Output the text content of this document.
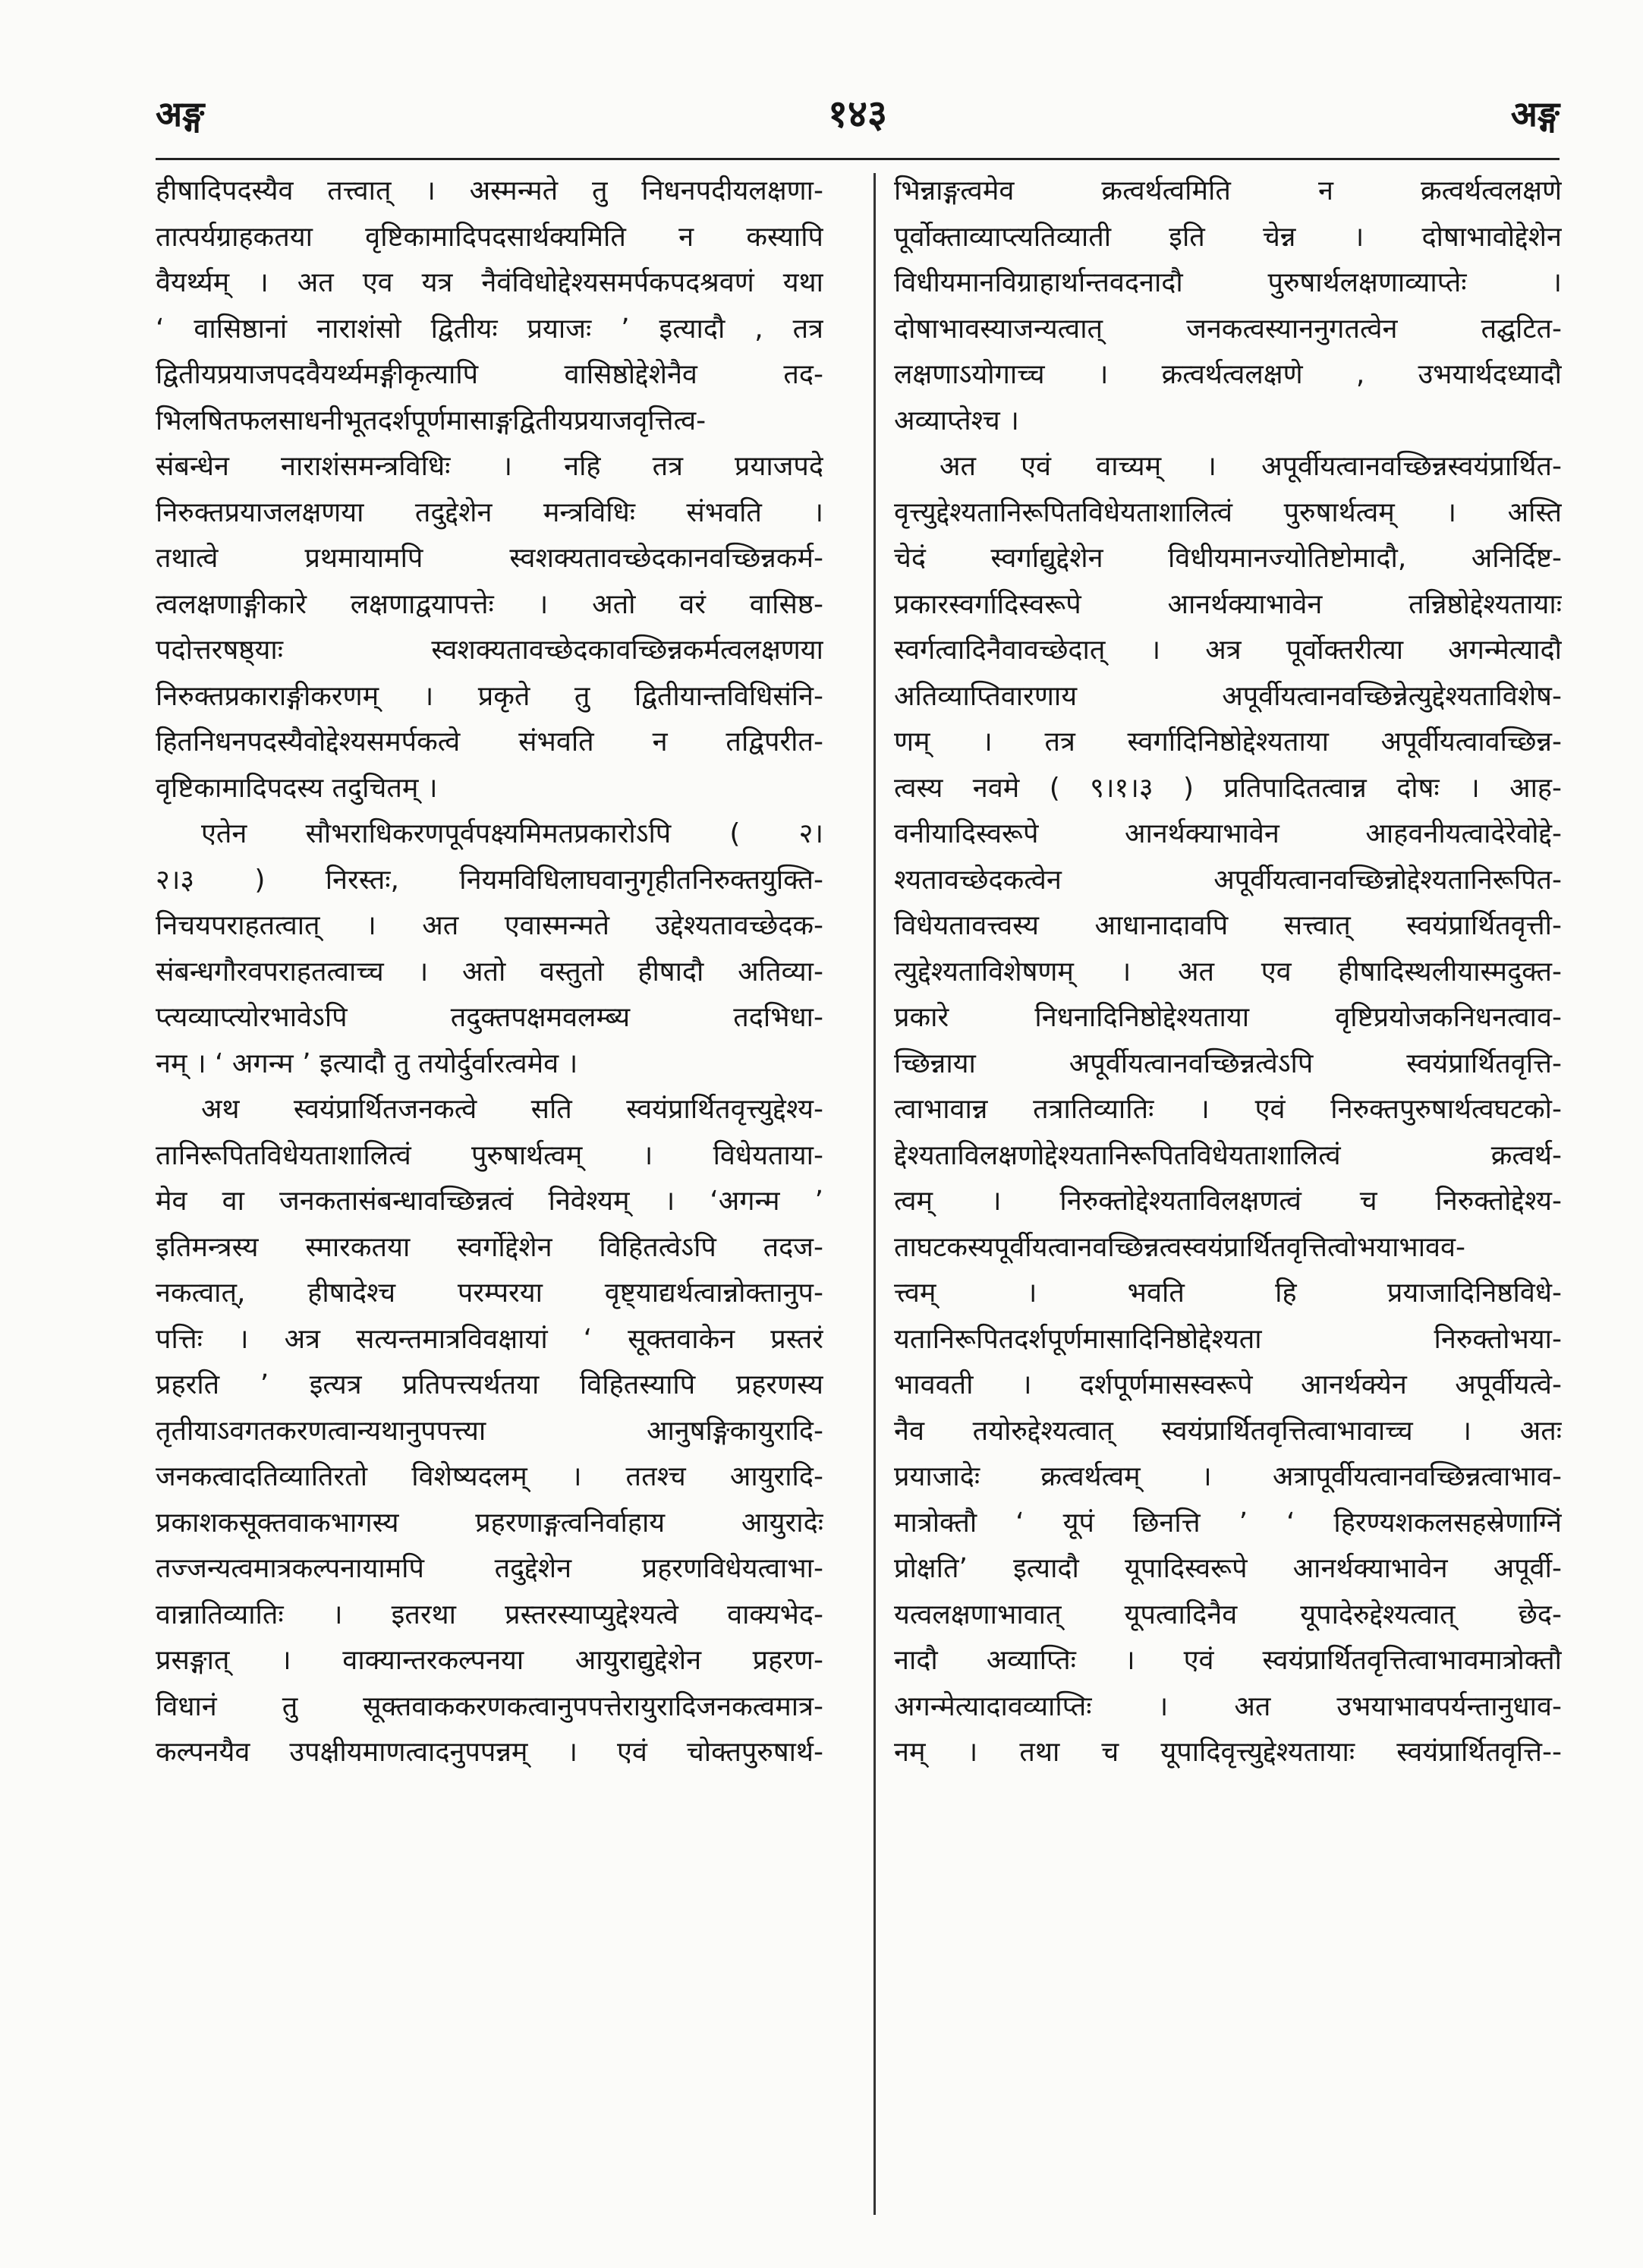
अङ्ग	१४३	अङ्ग
हीषादिपदस्यैव तत्त्वात् । अस्मन्मते तु निधनपदीयलक्षणा-
तात्पर्यग्राहकतया वृष्टिकामादिपदसार्थक्यमिति न कस्यापि
वैयर्थ्यम् । अत एव यत्र नैवंविधोद्देश्यसमर्पकपदश्रवणं यथा
‘ वासिष्ठानां नाराशंसो द्वितीयः प्रयाजः ’ इत्यादौ , तत्र
द्वितीयप्रयाजपदवैयर्थ्यमङ्गीकृत्यापि वासिष्ठोद्देशेनैव तद-
भिलषितफलसाधनीभूतदर्शपूर्णमासाङ्गद्वितीयप्रयाजवृत्तित्व-
संबन्धेन नाराशंसमन्त्रविधिः । नहि तत्र प्रयाजपदे
निरुक्तप्रयाजलक्षणया तदुद्देशेन मन्त्रविधिः संभवति ।
तथात्वे प्रथमायामपि स्वशक्यतावच्छेदकानवच्छिन्नकर्म-
त्वलक्षणाङ्गीकारे लक्षणाद्वयापत्तेः । अतो वरं वासिष्ठ-
पदोत्तरषष्ठ्याः स्वशक्यतावच्छेदकावच्छिन्नकर्मत्वलक्षणया
निरुक्तप्रकाराङ्गीकरणम् । प्रकृते तु द्वितीयान्तविधिसंनि-
हितनिधनपदस्यैवोद्देश्यसमर्पकत्वे संभवति न तद्विपरीत-
वृष्टिकामादिपदस्य तदुचितम् ।
एतेन सौभराधिकरणपूर्वपक्ष्यमिमतप्रकारोऽपि ( २।
२।३ ) निरस्तः, नियमविधिलाघवानुगृहीतनिरुक्तयुक्ति-
निचयपराहतत्वात् । अत एवास्मन्मते उद्देश्यतावच्छेदक-
संबन्धगौरवपराहतत्वाच्च । अतो वस्तुतो हीषादौ अतिव्या-
प्त्यव्याप्त्योरभावेऽपि तदुक्तपक्षमवलम्ब्य तदभिधा-
नम् । ‘ अगन्म ’ इत्यादौ तु तयोर्दुर्वारत्वमेव ।
अथ स्वयंप्रार्थितजनकत्वे सति स्वयंप्रार्थितवृत्त्युद्देश्य-
तानिरूपितविधेयताशालित्वं पुरुषार्थत्वम् । विधेयताया-
मेव वा जनकतासंबन्धावच्छिन्नत्वं निवेश्यम् । ‘अगन्म ’
इतिमन्त्रस्य स्मारकतया स्वर्गोद्देशेन विहितत्वेऽपि तदज-
नकत्वात्, हीषादेश्च परम्परया वृष्ट्याद्यर्थत्वान्नोक्तानुप-
पत्तिः । अत्र सत्यन्तमात्रविवक्षायां ‘ सूक्तवाकेन प्रस्तरं
प्रहरति ’ इत्यत्र प्रतिपत्त्यर्थतया विहितस्यापि प्रहरणस्य
तृतीयाऽवगतकरणत्वान्यथानुपपत्त्या आनुषङ्गिकायुरादि-
जनकत्वादतिव्यातिरतो विशेष्यदलम् । ततश्च आयुरादि-
प्रकाशकसूक्तवाकभागस्य प्रहरणाङ्गत्वनिर्वाहाय आयुरादेः
तज्जन्यत्वमात्रकल्पनायामपि तदुद्देशेन प्रहरणविधेयत्वाभा-
वान्नातिव्यातिः । इतरथा प्रस्तरस्याप्युद्देश्यत्वे वाक्यभेद-
प्रसङ्गात् । वाक्यान्तरकल्पनया आयुराद्युद्देशेन प्रहरण-
विधानं तु सूक्तवाककरणकत्वानुपपत्तेरायुरादिजनकत्वमात्र-
कल्पनयैव उपक्षीयमाणत्वादनुपपन्नम् । एवं चोक्तपुरुषार्थ-
भिन्नाङ्गत्वमेव क्रत्वर्थत्वमिति न क्रत्वर्थत्वलक्षणे
पूर्वोक्ताव्याप्त्यतिव्याती इति चेन्न । दोषाभावोद्देशेन
विधीयमानविग्राहार्थान्तवदनादौ पुरुषार्थलक्षणाव्याप्तेः ।
दोषाभावस्याजन्यत्वात् जनकत्वस्याननुगतत्वेन तद्घटित-
लक्षणाऽयोगाच्च । क्रत्वर्थत्वलक्षणे , उभयार्थदध्यादौ
अव्याप्तेश्च ।
अत एवं वाच्यम् । अपूर्वीयत्वानवच्छिन्नस्वयंप्रार्थित-
वृत्त्युद्देश्यतानिरूपितविधेयताशालित्वं पुरुषार्थत्वम् । अस्ति
चेदं स्वर्गाद्युद्देशेन विधीयमानज्योतिष्टोमादौ, अनिर्दिष्ट-
प्रकारस्वर्गादिस्वरूपे आनर्थक्याभावेन तन्निष्ठोद्देश्यतायाः
स्वर्गत्वादिनैवावच्छेदात् । अत्र पूर्वोक्तरीत्या अगन्मेत्यादौ
अतिव्याप्तिवारणाय अपूर्वीयत्वानवच्छिन्नेत्युद्देश्यताविशेष-
णम् । तत्र स्वर्गादिनिष्ठोद्देश्यताया अपूर्वीयत्वावच्छिन्न-
त्वस्य नवमे ( ९।१।३ ) प्रतिपादितत्वान्न दोषः । आह-
वनीयादिस्वरूपे आनर्थक्याभावेन आहवनीयत्वादेरेवोद्दे-
श्यतावच्छेदकत्वेन अपूर्वीयत्वानवच्छिन्नोद्देश्यतानिरूपित-
विधेयतावत्त्वस्य आधानादावपि सत्त्वात् स्वयंप्रार्थितवृत्ती-
त्युद्देश्यताविशेषणम् । अत एव हीषादिस्थलीयास्मदुक्त-
प्रकारे निधनादिनिष्ठोद्देश्यताया वृष्टिप्रयोजकनिधनत्वाव-
च्छिन्नाया अपूर्वीयत्वानवच्छिन्नत्वेऽपि स्वयंप्रार्थितवृत्ति-
त्वाभावान्न तत्रातिव्यातिः । एवं निरुक्तपुरुषार्थत्वघटको-
द्देश्यताविलक्षणोद्देश्यतानिरूपितविधेयताशालित्वं क्रत्वर्थ-
त्वम् । निरुक्तोद्देश्यताविलक्षणत्वं च निरुक्तोद्देश्य-
ताघटकस्यपूर्वीयत्वानवच्छिन्नत्वस्वयंप्रार्थितवृत्तित्वोभयाभावव-
त्त्वम् । भवति हि प्रयाजादिनिष्ठविधे-
यतानिरूपितदर्शपूर्णमासादिनिष्ठोद्देश्यता निरुक्तोभया-
भाववती । दर्शपूर्णमासस्वरूपे आनर्थक्येन अपूर्वीयत्वे-
नैव तयोरुद्देश्यत्वात् स्वयंप्रार्थितवृत्तित्वाभावाच्च । अतः
प्रयाजादेः क्रत्वर्थत्वम् । अत्रापूर्वीयत्वानवच्छिन्नत्वाभाव-
मात्रोक्तौ ‘ यूपं छिनत्ति ’ ‘ हिरण्यशकलसहस्रेणाग्निं
प्रोक्षति’ इत्यादौ यूपादिस्वरूपे आनर्थक्याभावेन अपूर्वी-
यत्वलक्षणाभावात् यूपत्वादिनैव यूपादेरुद्देश्यत्वात् छेद-
नादौ अव्याप्तिः । एवं स्वयंप्रार्थितवृत्तित्वाभावमात्रोक्तौ
अगन्मेत्यादावव्याप्तिः । अत उभयाभावपर्यन्तानुधाव-
नम् । तथा च यूपादिवृत्त्युद्देश्यतायाः स्वयंप्रार्थितवृत्ति--
